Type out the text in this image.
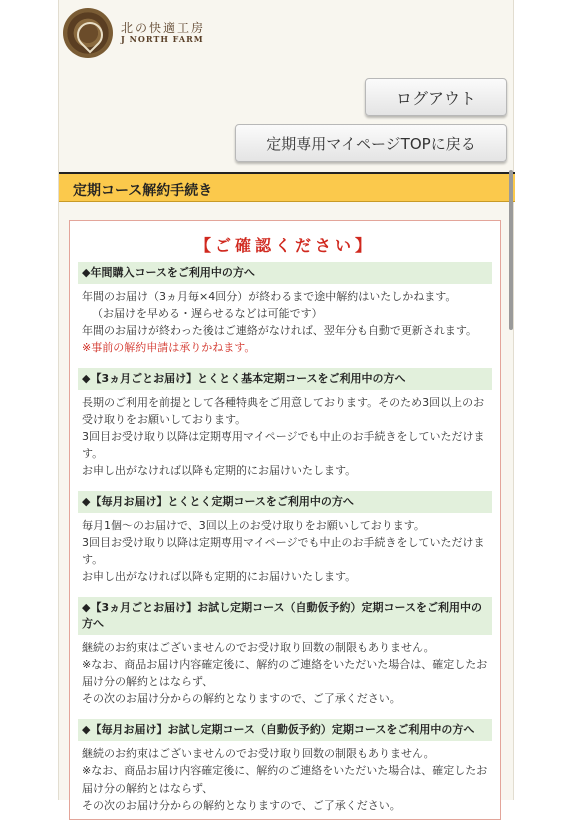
北の快適工房
J NORTH FARM
ログアウト
定期専用マイページTOPに戻る
定期コース解約手続き
【ご確認ください】
◆年間購入コースをご利用中の方へ

年間のお届け（3ヵ月毎×4回分）が終わるまで途中解約はいたしかねます。

（お届けを早める・遅らせるなどは可能です）

年間のお届けが終わった後はご連絡がなければ、翌年分も自動で更新されます。

※事前の解約申請は承りかねます。

◆【3ヵ月ごとお届け】とくとく基本定期コースをご利用中の方へ

長期のご利用を前提として各種特典をご用意しております。そのため3回以上のお受け取りをお願いしております。

3回目お受け取り以降は定期専用マイページでも中止のお手続きをしていただけます。

お申し出がなければ以降も定期的にお届けいたします。

◆【毎月お届け】とくとく定期コースをご利用中の方へ

毎月1個〜のお届けで、3回以上のお受け取りをお願いしております。

3回目お受け取り以降は定期専用マイページでも中止のお手続きをしていただけます。

お申し出がなければ以降も定期的にお届けいたします。

◆【3ヵ月ごとお届け】お試し定期コース（自動仮予約）定期コースをご利用中の方へ

継続のお約束はございませんのでお受け取り回数の制限もありません。

※なお、商品お届け内容確定後に、解約のご連絡をいただいた場合は、確定したお届け分の解約とはならず、

その次のお届け分からの解約となりますので、ご了承ください。

◆【毎月お届け】お試し定期コース（自動仮予約）定期コースをご利用中の方へ

継続のお約束はございませんのでお受け取り回数の制限もありません。

※なお、商品お届け内容確定後に、解約のご連絡をいただいた場合は、確定したお届け分の解約とはならず、

その次のお届け分からの解約となりますので、ご了承ください。
